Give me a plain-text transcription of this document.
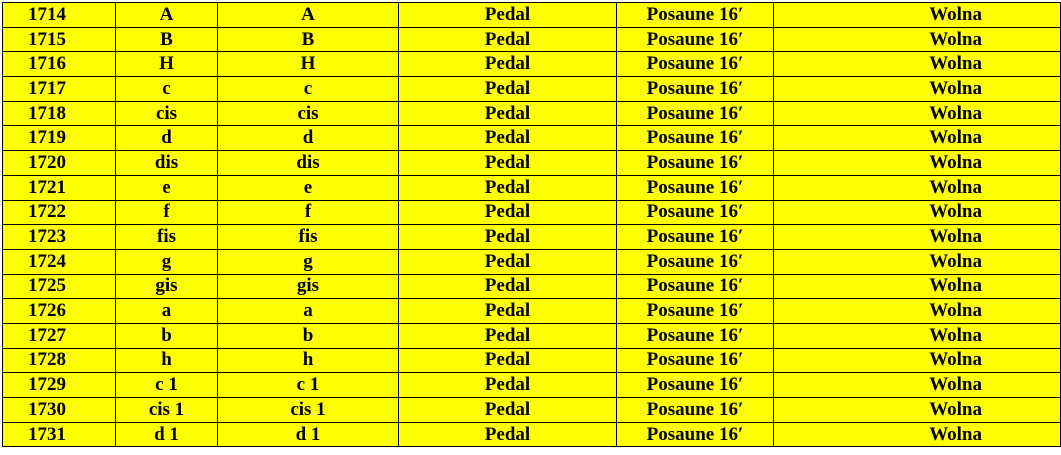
1714	A	A	Pedal	Posaune 16′	Wolna
1715	B	B	Pedal	Posaune 16′	Wolna
1716	H	H	Pedal	Posaune 16′	Wolna
1717	c	c	Pedal	Posaune 16′	Wolna
1718	cis	cis	Pedal	Posaune 16′	Wolna
1719	d	d	Pedal	Posaune 16′	Wolna
1720	dis	dis	Pedal	Posaune 16′	Wolna
1721	e	e	Pedal	Posaune 16′	Wolna
1722	f	f	Pedal	Posaune 16′	Wolna
1723	fis	fis	Pedal	Posaune 16′	Wolna
1724	g	g	Pedal	Posaune 16′	Wolna
1725	gis	gis	Pedal	Posaune 16′	Wolna
1726	a	a	Pedal	Posaune 16′	Wolna
1727	b	b	Pedal	Posaune 16′	Wolna
1728	h	h	Pedal	Posaune 16′	Wolna
1729	c 1	c 1	Pedal	Posaune 16′	Wolna
1730	cis 1	cis 1	Pedal	Posaune 16′	Wolna
1731	d 1	d 1	Pedal	Posaune 16′	Wolna
